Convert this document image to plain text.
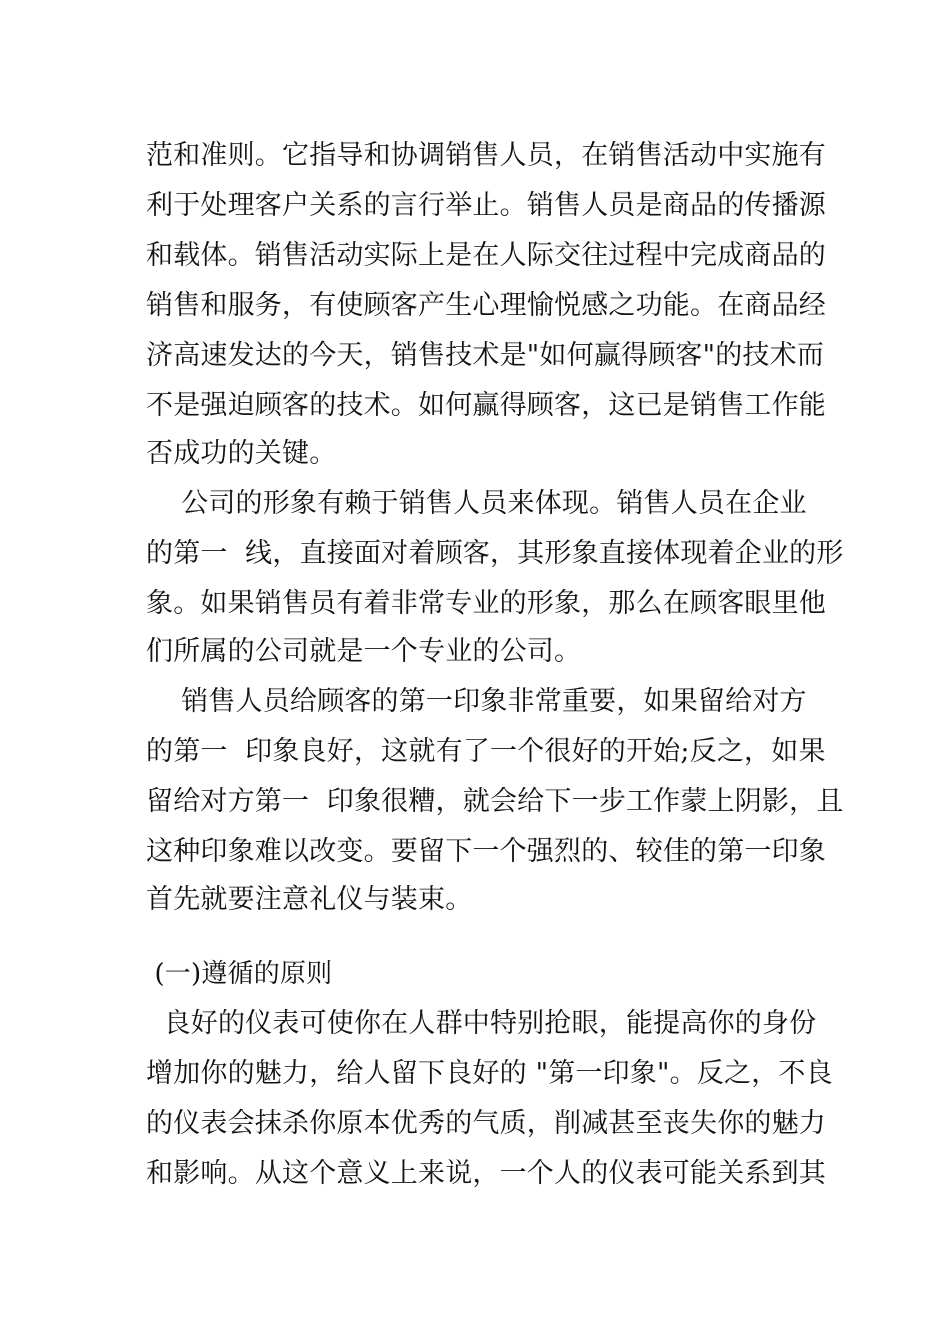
范和准则。它指导和协调销售人员，在销售活动中实施有
利于处理客户关系的言行举止。销售人员是商品的传播源
和载体。销售活动实际上是在人际交往过程中完成商品的
销售和服务，有使顾客产生心理愉悦感之功能。在商品经
济高速发达的今天，销售技术是"如何赢得顾客"的技术而
不是强迫顾客的技术。如何赢得顾客，这已是销售工作能
否成功的关键。
公司的形象有赖于销售人员来体现。销售人员在企业
的第一  线，直接面对着顾客，其形象直接体现着企业的形
象。如果销售员有着非常专业的形象，那么在顾客眼里他
们所属的公司就是一个专业的公司。
销售人员给顾客的第一印象非常重要，如果留给对方
的第一  印象良好，这就有了一个很好的开始;反之，如果
留给对方第一  印象很糟，就会给下一步工作蒙上阴影，且
这种印象难以改变。要留下一个强烈的、较佳的第一印象
首先就要注意礼仪与装束。
(一)遵循的原则
良好的仪表可使你在人群中特别抢眼，能提高你的身份
增加你的魅力，给人留下良好的 "第一印象"。反之，不良
的仪表会抹杀你原本优秀的气质，削减甚至丧失你的魅力
和影响。从这个意义上来说，一个人的仪表可能关系到其
